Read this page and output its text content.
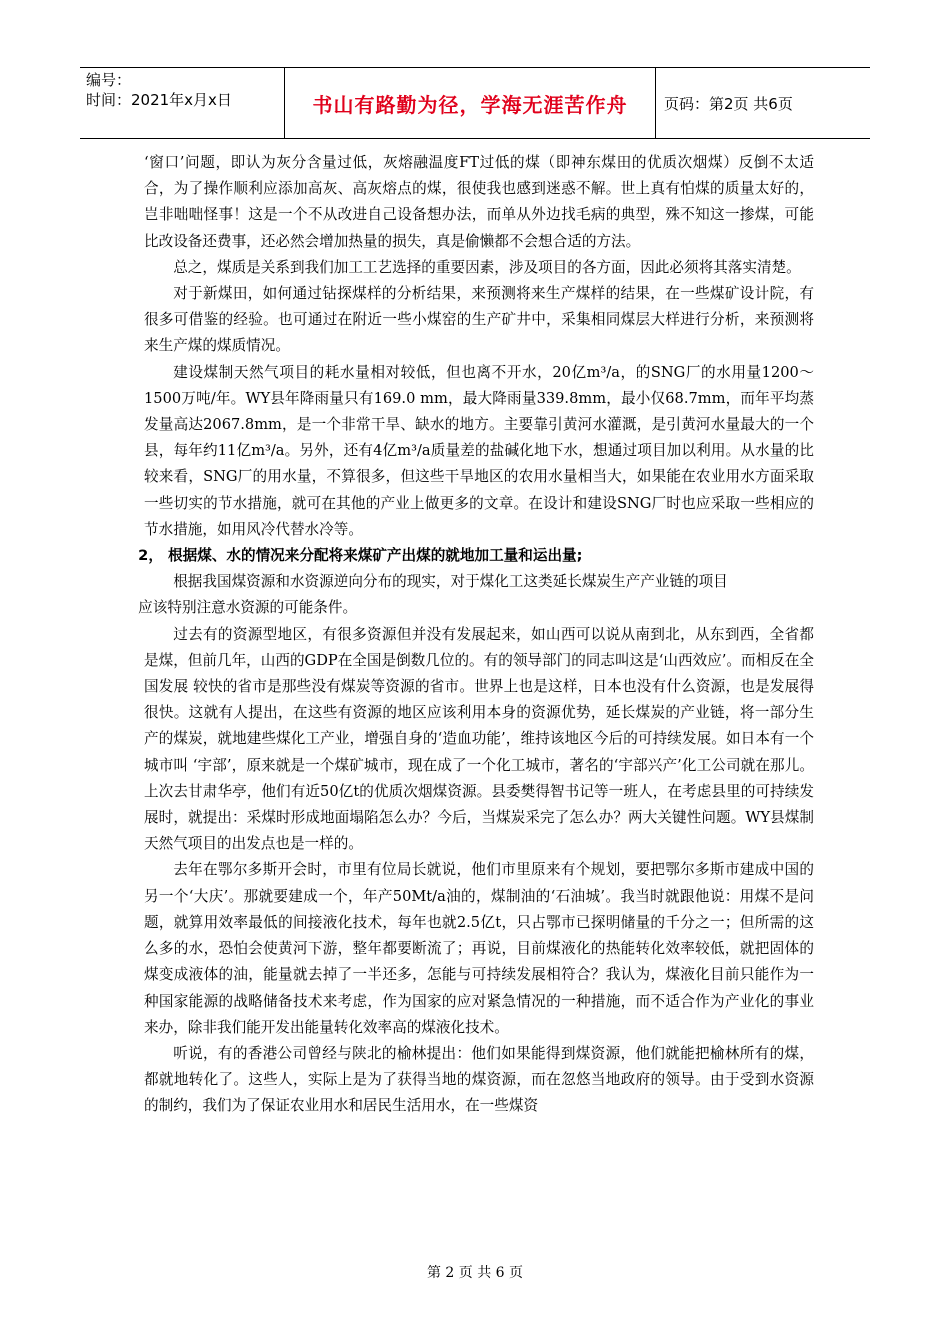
编号：
时间：2021年x月x日	书山有路勤为径，学海无涯苦作舟	页码：第2页 共6页

‘窗口’问题，即认为灰分含量过低，灰熔融温度FT过低的煤（即神东煤田的优质次烟煤）反倒不太适合，为了操作顺利应添加高灰、高灰熔点的煤，很使我也感到迷惑不解。世上真有怕煤的质量太好的，岂非咄咄怪事！这是一个不从改进自己设备想办法，而单从外边找毛病的典型，殊不知这一掺煤，可能比改设备还费事，还必然会增加热量的损失，真是偷懒都不会想合适的方法。

总之，煤质是关系到我们加工工艺选择的重要因素，涉及项目的各方面，因此必须将其落实清楚。

对于新煤田，如何通过钻探煤样的分析结果，来预测将来生产煤样的结果，在一些煤矿设计院，有很多可借鉴的经验。也可通过在附近一些小煤窑的生产矿井中，采集相同煤层大样进行分析，来预测将来生产煤的煤质情况。

建设煤制天然气项目的耗水量相对较低，但也离不开水，20亿m³/a，的SNG厂的水用量1200～1500万吨/年。WY县年降雨量只有169.0 mm，最大降雨量339.8mm，最小仅68.7mm，而年平均蒸发量高达2067.8mm，是一个非常干旱、缺水的地方。主要靠引黄河水灌溉，是引黄河水量最大的一个县，每年约11亿m³/a。另外，还有4亿m³/a质量差的盐碱化地下水，想通过项目加以利用。从水量的比较来看，SNG厂的用水量，不算很多，但这些干旱地区的农用水量相当大，如果能在农业用水方面采取一些切实的节水措施，就可在其他的产业上做更多的文章。在设计和建设SNG厂时也应采取一些相应的节水措施，如用风冷代替水冷等。

2， 根据煤、水的情况来分配将来煤矿产出煤的就地加工量和运出量;

根据我国煤资源和水资源逆向分布的现实，对于煤化工这类延长煤炭生产产业链的项目

应该特别注意水资源的可能条件。

过去有的资源型地区，有很多资源但并没有发展起来，如山西可以说从南到北，从东到西，全省都是煤，但前几年，山西的GDP在全国是倒数几位的。有的领导部门的同志叫这是‘山西效应’。而相反在全国发展 较快的省市是那些没有煤炭等资源的省市。世界上也是这样，日本也没有什么资源，也是发展得很快。这就有人提出，在这些有资源的地区应该利用本身的资源优势，延长煤炭的产业链，将一部分生产的煤炭，就地建些煤化工产业，增强自身的‘造血功能’，维持该地区今后的可持续发展。如日本有一个城市叫 ‘宇部’，原来就是一个煤矿城市，现在成了一个化工城市，著名的‘宇部兴产’化工公司就在那儿。上次去甘肃华亭，他们有近50亿t的优质次烟煤资源。县委樊得智书记等一班人，在考虑县里的可持续发展时，就提出：采煤时形成地面塌陷怎么办？今后，当煤炭采完了怎么办？两大关键性问题。WY县煤制天然气项目的出发点也是一样的。

去年在鄂尔多斯开会时，市里有位局长就说，他们市里原来有个规划，要把鄂尔多斯市建成中国的另一个‘大庆’。那就要建成一个，年产50Mt/a油的，煤制油的‘石油城’。我当时就跟他说：用煤不是问题，就算用效率最低的间接液化技术，每年也就2.5亿t，只占鄂市已探明储量的千分之一；但所需的这么多的水，恐怕会使黄河下游，整年都要断流了；再说，目前煤液化的热能转化效率较低，就把固体的煤变成液体的油，能量就去掉了一半还多，怎能与可持续发展相符合？我认为，煤液化目前只能作为一种国家能源的战略储备技术来考虑，作为国家的应对紧急情况的一种措施，而不适合作为产业化的事业来办，除非我们能开发出能量转化效率高的煤液化技术。

听说，有的香港公司曾经与陕北的榆林提出：他们如果能得到煤资源，他们就能把榆林所有的煤，都就地转化了。这些人，实际上是为了获得当地的煤资源，而在忽悠当地政府的领导。由于受到水资源的制约，我们为了保证农业用水和居民生活用水，在一些煤资

第 2 页 共 6 页
